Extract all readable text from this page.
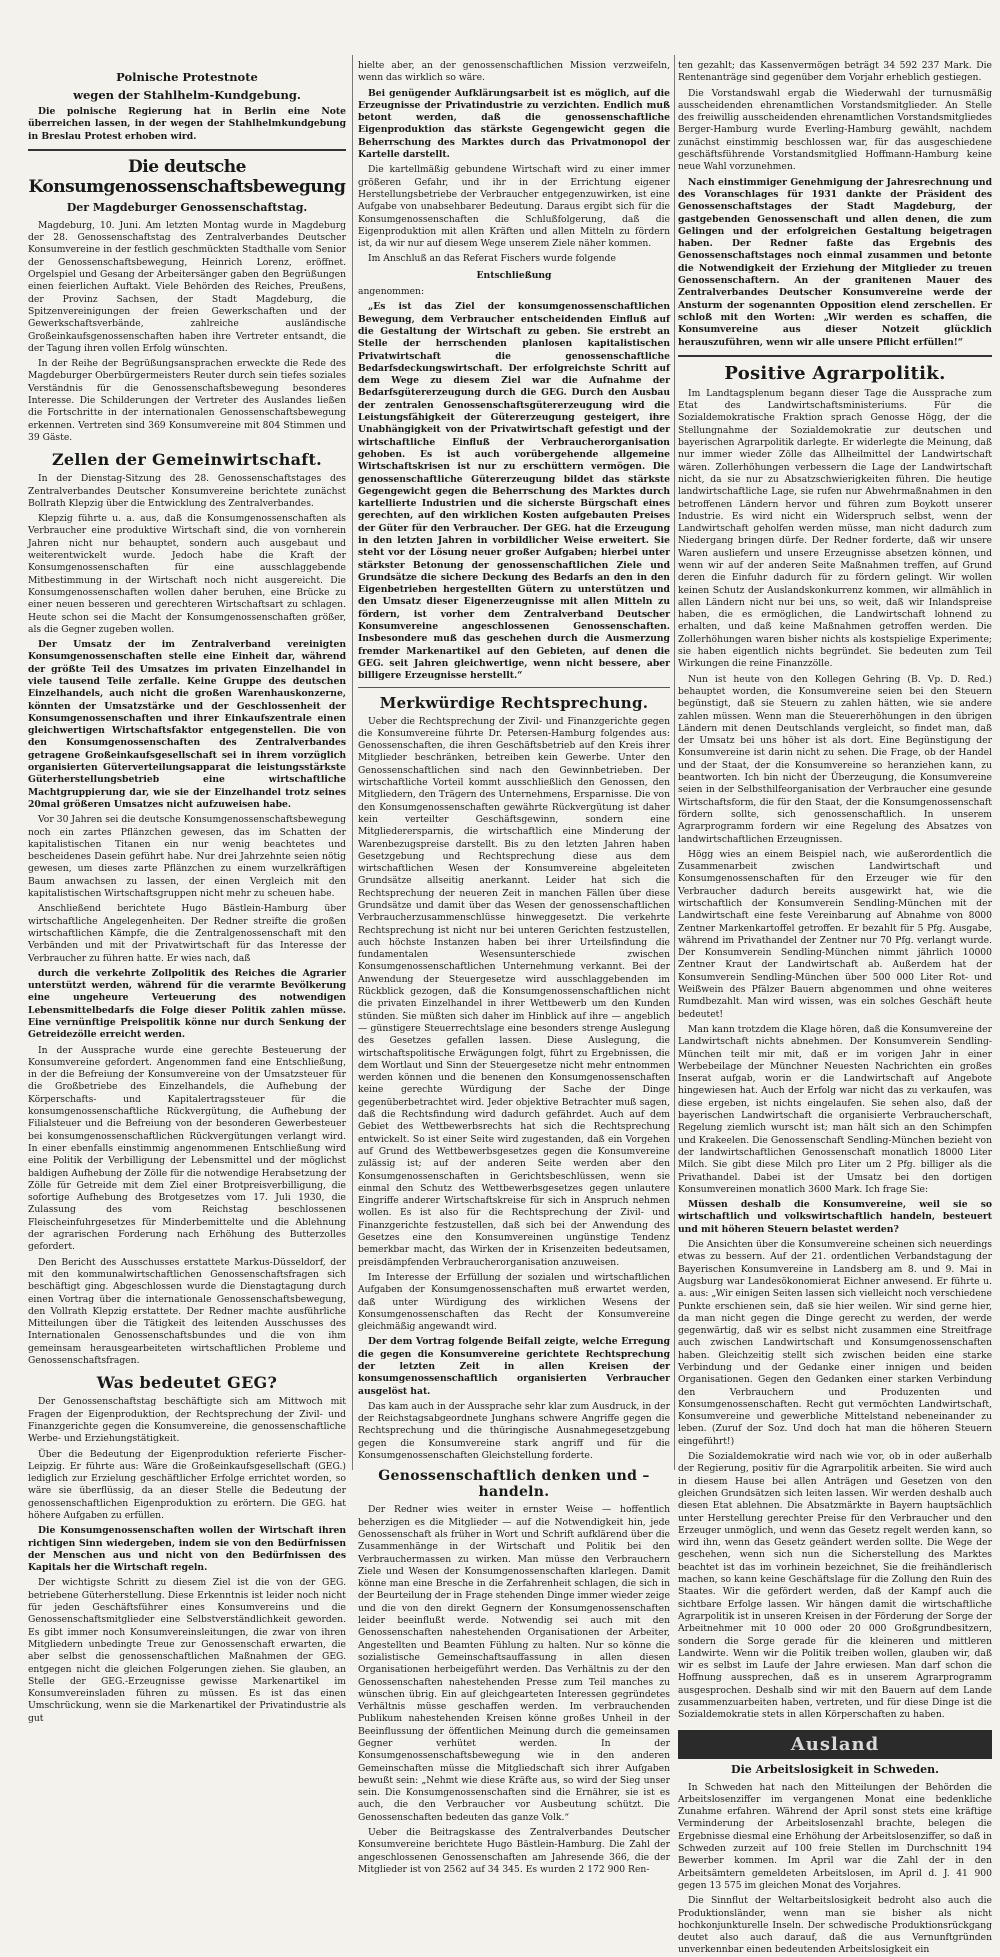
Polnische Protestnote
wegen der Stahlhelm-Kundgebung.

Die polnische Regierung hat in Berlin eine Note überreichen lassen, in der wegen der Stahlhelmkundgebung in Breslau Protest erhoben wird.

Die deutsche Konsumgenossenschaftsbewegung
Der Magdeburger Genossenschaftstag.

Magdeburg, 10. Juni. Am letzten Montag wurde in Magdeburg der 28. Genossenschaftstag des Zentralverbandes Deutscher Konsumvereine in der festlich geschmückten Stadthalle vom Senior der Genossenschaftsbewegung, Heinrich Lorenz, eröffnet. Orgelspiel und Gesang der Arbeitersänger gaben den Begrüßungen einen feierlichen Auftakt. Viele Behörden des Reiches, Preußens, der Provinz Sachsen, der Stadt Magdeburg, die Spitzenvereinigungen der freien Gewerkschaften und der Gewerkschaftsverbände, zahlreiche ausländische Großeinkaufsgenossenschaften haben ihre Vertreter entsandt, die der Tagung ihren vollen Erfolg wünschten.

In der Reihe der Begrüßungsansprachen erweckte die Rede des Magdeburger Oberbürgermeisters Reuter durch sein tiefes soziales Verständnis für die Genossenschaftsbewegung besonderes Interesse. Die Schilderungen der Vertreter des Auslandes ließen die Fortschritte in der internationalen Genossenschaftsbewegung erkennen. Vertreten sind 369 Konsumvereine mit 804 Stimmen und 39 Gäste.

Zellen der Gemeinwirtschaft.

In der Dienstag-Sitzung des 28. Genossenschaftstages des Zentralverbandes Deutscher Konsumvereine berichtete zunächst Bollrath Klepzig über die Entwicklung des Zentralverbandes.

Klepzig führte u. a. aus, daß die Konsumgenossenschaften als Verbraucher eine produktive Wirtschaft sind, die von vornherein Jahren nicht nur behauptet, sondern auch ausgebaut und weiterentwickelt wurde. Jedoch habe die Kraft der Konsumgenossenschaften für eine ausschlaggebende Mitbestimmung in der Wirtschaft noch nicht ausgereicht. Die Konsumgenossenschaften wollen daher beruhen, eine Brücke zu einer neuen besseren und gerechteren Wirtschaftsart zu schlagen. Heute schon sei die Macht der Konsumgenossenschaften größer, als die Gegner zugeben wollen.

Der Umsatz der im Zentralverband vereinigten Konsumgenossenschaften stelle eine Einheit dar, während der größte Teil des Umsatzes im privaten Einzelhandel in viele tausend Teile zerfalle. Keine Gruppe des deutschen Einzelhandels, auch nicht die großen Warenhauskonzerne, könnten der Umsatzstärke und der Geschlossenheit der Konsumgenossenschaften und ihrer Einkaufszentrale einen gleichwertigen Wirtschaftsfaktor entgegenstellen. Die von den Konsumgenossenschaften des Zentralverbandes getragene Großeinkaufsgesellschaft sei in ihrem vorzüglich organisierten Güterverteilungsapparat die leistungsstärkste Güterherstellungsbetrieb eine wirtschaftliche Machtgruppierung dar, wie sie der Einzelhandel trotz seines 20mal größeren Umsatzes nicht aufzuweisen habe.

Vor 30 Jahren sei die deutsche Konsumgenossenschaftsbewegung noch ein zartes Pflänzchen gewesen, das im Schatten der kapitalistischen Titanen ein nur wenig beachtetes und bescheidenes Dasein geführt habe. Nur drei Jahrzehnte seien nötig gewesen, um dieses zarte Pflänzchen zu einem wurzelkräftigen Baum anwachsen zu lassen, der einen Vergleich mit den kapitalistischen Wirtschaftsgruppen nicht mehr zu scheuen habe.

Anschließend berichtete Hugo Bästlein-Hamburg über wirtschaftliche Angelegenheiten. Der Redner streifte die großen wirtschaftlichen Kämpfe, die die Zentralgenossenschaft mit den Verbänden und mit der Privatwirtschaft für das Interesse der Verbraucher zu führen hatte. Er wies nach, daß

durch die verkehrte Zollpolitik des Reiches die Agrarier unterstützt werden, während für die verarmte Bevölkerung eine ungeheure Verteuerung des notwendigen Lebensmittelbedarfs die Folge dieser Politik zahlen müsse. Eine vernünftige Preispolitik könne nur durch Senkung der Getreidezölle erreicht werden.

In der Aussprache wurde eine gerechte Besteuerung der Konsumvereine gefordert. Angenommen fand eine Entschließung, in der die Befreiung der Konsumvereine von der Umsatzsteuer für die Großbetriebe des Einzelhandels, die Aufhebung der Körperschafts- und Kapitalertragssteuer für die konsumgenossenschaftliche Rückvergütung, die Aufhebung der Filialsteuer und die Befreiung von der besonderen Gewerbesteuer bei konsumgenossenschaftlichen Rückvergütungen verlangt wird. In einer ebenfalls einstimmig angenommenen Entschließung wird eine Politik der Verbilligung der Lebensmittel und der möglichst baldigen Aufhebung der Zölle für die notwendige Herabsetzung der Zölle für Getreide mit dem Ziel einer Brotpreisverbilligung, die sofortige Aufhebung des Brotgesetzes vom 17. Juli 1930, die Zulassung des vom Reichstag beschlossenen Fleischeinfuhrgesetzes für Minderbemittelte und die Ablehnung der agrarischen Forderung nach Erhöhung des Butterzolles gefordert.

Den Bericht des Ausschusses erstattete Markus-Düsseldorf, der mit den kommunalwirtschaftlichen Genossenschaftsfragen sich beschäftigt ging. Abgeschlossen wurde die Dienstagtagung durch einen Vortrag über die internationale Genossenschaftsbewegung, den Vollrath Klepzig erstattete. Der Redner machte ausführliche Mitteilungen über die Tätigkeit des leitenden Ausschusses des Internationalen Genossenschaftsbundes und die von ihm gemeinsam herausgearbeiteten wirtschaftlichen Probleme und Genossenschaftsfragen.

Was bedeutet GEG?

Der Genossenschaftstag beschäftigte sich am Mittwoch mit Fragen der Eigenproduktion, der Rechtsprechung der Zivil- und Finanzgerichte gegen die Konsumvereine, die genossenschaftliche Werbe- und Erziehungstätigkeit.

Über die Bedeutung der Eigenproduktion referierte Fischer-Leipzig. Er führte aus: Wäre die Großeinkaufsgesellschaft (GEG.) lediglich zur Erzielung geschäftlicher Erfolge errichtet worden, so wäre sie überflüssig, da an dieser Stelle die Bedeutung der genossenschaftlichen Eigenproduktion zu erörtern. Die GEG. hat höhere Aufgaben zu erfüllen.

Die Konsumgenossenschaften wollen der Wirtschaft ihren richtigen Sinn wiedergeben, indem sie von den Bedürfnissen der Menschen aus und nicht von den Bedürfnissen des Kapitals her die Wirtschaft regeln.

Der wichtigste Schritt zu diesem Ziel ist die von der GEG. betriebene Güterherstellung. Diese Erkenntnis ist leider noch nicht für jeden Geschäftsführer eines Konsumvereins und die Genossenschaftsmitglieder eine Selbstverständlichkeit geworden. Es gibt immer noch Konsumvereinsleitungen, die zwar von ihren Mitgliedern unbedingte Treue zur Genossenschaft erwarten, die aber selbst die genossenschaftlichen Maßnahmen der GEG. entgegen nicht die gleichen Folgerungen ziehen. Sie glauben, an Stelle der GEG.-Erzeugnisse gewisse Markenartikel im Konsumvereinsladen führen zu müssen. Es ist das einen Umschrückung, wenn sie die Markenartikel der Privatindustrie als gut

hielte aber, an der genossenschaftlichen Mission verzweifeln, wenn das wirklich so wäre.

Bei genügender Aufklärungsarbeit ist es möglich, auf die Erzeugnisse der Privatindustrie zu verzichten. Endlich muß betont werden, daß die genossenschaftliche Eigenproduktion das stärkste Gegengewicht gegen die Beherrschung des Marktes durch das Privatmonopol der Kartelle darstellt.

Die kartellmäßig gebundene Wirtschaft wird zu einer immer größeren Gefahr, und ihr in der Errichtung eigener Herstellungsbetriebe der Verbraucher entgegenzuwirken, ist eine Aufgabe von unabsehbarer Bedeutung. Daraus ergibt sich für die Konsumgenossenschaften die Schlußfolgerung, daß die Eigenproduktion mit allen Kräften und allen Mitteln zu fördern ist, da wir nur auf diesem Wege unserem Ziele näher kommen.

Im Anschluß an das Referat Fischers wurde folgende

Entschließung

angenommen:

„Es ist das Ziel der konsumgenossenschaftlichen Bewegung, dem Verbraucher entscheidenden Einfluß auf die Gestaltung der Wirtschaft zu geben. Sie erstrebt an Stelle der herrschenden planlosen kapitalistischen Privatwirtschaft die genossenschaftliche Bedarfsdeckungswirtschaft. Der erfolgreichste Schritt auf dem Wege zu diesem Ziel war die Aufnahme der Bedarfsgütererzeugung durch die GEG. Durch den Ausbau der zentralen Genossenschaftsgütererzeugung wird die Leistungsfähigkeit der Gütererzeugung gesteigert, ihre Unabhängigkeit von der Privatwirtschaft gefestigt und der wirtschaftliche Einfluß der Verbraucherorganisation gehoben. Es ist auch vorübergehende allgemeine Wirtschaftskrisen ist nur zu erschüttern vermögen. Die genossenschaftliche Gütererzeugung bildet das stärkste Gegengewicht gegen die Beherrschung des Marktes durch kartellierte Industrien und die sicherste Bürgschaft eines gerechten, auf den wirklichen Kosten aufgebauten Preises der Güter für den Verbraucher. Der GEG. hat die Erzeugung in den letzten Jahren in vorbildlicher Weise erweitert. Sie steht vor der Lösung neuer großer Aufgaben; hierbei unter stärkster Betonung der genossenschaftlichen Ziele und Grundsätze die sichere Deckung des Bedarfs an den in den Eigenbetrieben hergestellten Gütern zu unterstützen und den Umsatz dieser Eigenerzeugnisse mit allen Mitteln zu fördern, ist vorher dem Zentralverband Deutscher Konsumvereine angeschlossenen Genossenschaften. Insbesondere muß das geschehen durch die Ausmerzung fremder Markenartikel auf den Gebieten, auf denen die GEG. seit Jahren gleichwertige, wenn nicht bessere, aber billigere Erzeugnisse herstellt.“

Merkwürdige Rechtsprechung.

Ueber die Rechtsprechung der Zivil- und Finanzgerichte gegen die Konsumvereine führte Dr. Petersen-Hamburg folgendes aus: Genossenschaften, die ihren Geschäftsbetrieb auf den Kreis ihrer Mitglieder beschränken, betreiben kein Gewerbe. Unter den Genossenschaftlichen sind nach den Gewinnbetrieben. Der wirtschaftliche Vorteil kommt ausschließlich den Genossen, den Mitgliedern, den Trägern des Unternehmens, Ersparnisse. Die von den Konsumgenossenschaften gewährte Rückvergütung ist daher kein verteilter Geschäftsgewinn, sondern eine Mitgliederersparnis, die wirtschaftlich eine Minderung der Warenbezugspreise darstellt. Bis zu den letzten Jahren haben Gesetzgebung und Rechtsprechung diese aus dem wirtschaftlichen Wesen der Konsumvereine abgeleiteten Grundsätze allseitig anerkannt. Leider hat sich die Rechtsprechung der neueren Zeit in manchen Fällen über diese Grundsätze und damit über das Wesen der genossenschaftlichen Verbraucherzusammenschlüsse hinweggesetzt. Die verkehrte Rechtsprechung ist nicht nur bei unteren Gerichten festzustellen, auch höchste Instanzen haben bei ihrer Urteilsfindung die fundamentalen Wesensunterschiede zwischen Konsumgenossenschaftlichen Unternehmung verkannt. Bei der Anwendung der Steuergesetze wird ausschlaggebenden im Rückblick gezogen, daß die Konsumgenossenschaftlichen nicht die privaten Einzelhandel in ihrer Wettbewerb um den Kunden stünden. Sie müßten sich daher im Hinblick auf ihre — angeblich — günstigere Steuerrechtslage eine besonders strenge Auslegung des Gesetzes gefallen lassen. Diese Auslegung, die wirtschaftspolitische Erwägungen folgt, führt zu Ergebnissen, die dem Wortlaut und Sinn der Steuergesetze nicht mehr entnommen werden können und die benenen den Konsumgenossenschaften keine gerechte Würdigung der Sache der Dinge gegenüberbetrachtet wird. Jeder objektive Betrachter muß sagen, daß die Rechtsfindung wird dadurch gefährdet. Auch auf dem Gebiet des Wettbewerbsrechts hat sich die Rechtsprechung entwickelt. So ist einer Seite wird zugestanden, daß ein Vorgehen auf Grund des Wettbewerbsgesetzes gegen die Konsumvereine zulässig ist; auf der anderen Seite werden aber den Konsumgenossenschaften in Gerichtsbeschlüssen, wenn sie einmal den Schutz des Wettbewerbsgesetzes gegen unlautere Eingriffe anderer Wirtschaftskreise für sich in Anspruch nehmen wollen. Es ist also für die Rechtsprechung der Zivil- und Finanzgerichte festzustellen, daß sich bei der Anwendung des Gesetzes eine den Konsumvereinen ungünstige Tendenz bemerkbar macht, das Wirken der in Krisenzeiten bedeutsamen, preisdämpfenden Verbraucherorganisation anzuweisen.

Im Interesse der Erfüllung der sozialen und wirtschaftlichen Aufgaben der Konsumgenossenschaften muß erwartet werden, daß unter Würdigung des wirklichen Wesens der Konsumgenossenschaften das Recht der Konsumvereine gleichmäßig angewandt wird.

Der dem Vortrag folgende Beifall zeigte, welche Erregung die gegen die Konsumvereine gerichtete Rechtsprechung der letzten Zeit in allen Kreisen der konsumgenossenschaftlich organisierten Verbraucher ausgelöst hat.

Das kam auch in der Aussprache sehr klar zum Ausdruck, in der der Reichstagsabgeordnete Junghans schwere Angriffe gegen die Rechtsprechung und die thüringische Ausnahmegesetzgebung gegen die Konsumvereine stark angriff und für die Konsumgenossenschaften Gleichstellung forderte.

Genossenschaftlich denken und – handeln.

Der Redner wies weiter in ernster Weise — hoffentlich beherzigen es die Mitglieder — auf die Notwendigkeit hin, jede Genossenschaft als früher in Wort und Schrift aufklärend über die Zusammenhänge in der Wirtschaft und Politik bei den Verbrauchermassen zu wirken. Man müsse den Verbrauchern Ziele und Wesen der Konsumgenossenschaften klarlegen. Damit könne man eine Bresche in die Zerfahrenheit schlagen, die sich in der Beurteilung der in Frage stehenden Dinge immer wieder zeige und die von den direkt Gegnern der Konsumgenossenschaften leider beeinflußt werde. Notwendig sei auch mit den Genossenschaften nahestehenden Organisationen der Arbeiter, Angestellten und Beamten Fühlung zu halten. Nur so könne die sozialistische Gemeinschaftsauffassung in allen diesen Organisationen herbeigeführt werden. Das Verhältnis zu der den Genossenschaften nahestehenden Presse zum Teil manches zu wünschen übrig. Ein auf gleichgearteten Interessen gegründetes Verhältnis müsse geschaffen werden. Im verbrauchenden Publikum nahestehenden Kreisen könne großes Unheil in der Beeinflussung der öffentlichen Meinung durch die gemeinsamen Gegner verhütet werden. In der Konsumgenossenschaftsbewegung wie in den anderen Gemeinschaften müsse die Mitgliedschaft sich ihrer Aufgaben bewußt sein: „Nehmt wie diese Kräfte aus, so wird der Sieg unser sein. Die Konsumgenossenschaften sind die Ernährer, sie ist es auch, die den Verbraucher vor Ausbeutung schützt. Die Genossenschaften bedeuten das ganze Volk.“

Ueber die Beitragskasse des Zentralverbandes Deutscher Konsumvereine berichtete Hugo Bästlein-Hamburg. Die Zahl der angeschlossenen Genossenschaften am Jahresende 366, die der Mitglieder ist von 2562 auf 34 345. Es wurden 2 172 900 Ren-

ten gezahlt; das Kassenvermögen beträgt 34 592 237 Mark. Die Rentenanträge sind gegenüber dem Vorjahr erheblich gestiegen.

Die Vorstandswahl ergab die Wiederwahl der turnusmäßig ausscheidenden ehrenamtlichen Vorstandsmitglieder. An Stelle des freiwillig ausscheidenden ehrenamtlichen Vorstandsmitgliedes Berger-Hamburg wurde Everling-Hamburg gewählt, nachdem zunächst einstimmig beschlossen war, für das ausgeschiedene geschäftsführende Vorstandsmitglied Hoffmann-Hamburg keine neue Wahl vorzunehmen.

Nach einstimmiger Genehmigung der Jahresrechnung und des Voranschlages für 1931 dankte der Präsident des Genossenschaftstages der Stadt Magdeburg, der gastgebenden Genossenschaft und allen denen, die zum Gelingen und der erfolgreichen Gestaltung beigetragen haben. Der Redner faßte das Ergebnis des Genossenschaftstages noch einmal zusammen und betonte die Notwendigkeit der Erziehung der Mitglieder zu treuen Genossenschaftern. An der granitenen Mauer des Zentralverbandes Deutscher Konsumvereine werde der Ansturm der sogenannten Opposition elend zerschellen. Er schloß mit den Worten: „Wir werden es schaffen, die Konsumvereine aus dieser Notzeit glücklich herauszuführen, wenn wir alle unsere Pflicht erfüllen!“

Positive Agrarpolitik.

Im Landtagsplenum begann dieser Tage die Aussprache zum Etat des Landwirtschaftsministeriums. Für die Sozialdemokratische Fraktion sprach Genosse Högg, der die Stellungnahme der Sozialdemokratie zur deutschen und bayerischen Agrarpolitik darlegte. Er widerlegte die Meinung, daß nur immer wieder Zölle das Allheilmittel der Landwirtschaft wären. Zollerhöhungen verbessern die Lage der Landwirtschaft nicht, da sie nur zu Absatzschwierigkeiten führen. Die heutige landwirtschaftliche Lage, sie rufen nur Abwehrmaßnahmen in den betroffenen Ländern hervor und führen zum Boykott unserer Industrie. Es wird nicht ein Widerspruch selbst, wenn der Landwirtschaft geholfen werden müsse, man nicht dadurch zum Niedergang bringen dürfe. Der Redner forderte, daß wir unsere Waren ausliefern und unsere Erzeugnisse absetzen können, und wenn wir auf der anderen Seite Maßnahmen treffen, auf Grund deren die Einfuhr dadurch für zu fördern gelingt. Wir wollen keinen Schutz der Auslandskonkurrenz kommen, wir allmählich in allen Ländern nicht nur bei uns, so weit, daß wir Inlandspreise haben, die es ermöglichen, die Landwirtschaft lohnend zu erhalten, und daß keine Maßnahmen getroffen werden. Die Zollerhöhungen waren bisher nichts als kostspielige Experimente; sie haben eigentlich nichts begründet. Sie bedeuten zum Teil Wirkungen die reine Finanzzölle.

Nun ist heute von den Kollegen Gehring (B. Vp. D. Red.) behauptet worden, die Konsumvereine seien bei den Steuern begünstigt, daß sie Steuern zu zahlen hätten, wie sie andere zahlen müssen. Wenn man die Steuererhöhungen in den übrigen Ländern mit denen Deutschlands vergleicht, so findet man, daß der Umsatz bei uns höher ist als dort. Eine Begünstigung der Konsumvereine ist darin nicht zu sehen. Die Frage, ob der Handel und der Staat, der die Konsumvereine so heranziehen kann, zu beantworten. Ich bin nicht der Überzeugung, die Konsumvereine seien in der Selbsthilfeorganisation der Verbraucher eine gesunde Wirtschaftsform, die für den Staat, der die Konsumgenossenschaft fördern sollte, sich genossenschaftlich. In unserem Agrarprogramm fordern wir eine Regelung des Absatzes von landwirtschaftlichen Erzeugnissen.

Högg wies an einem Beispiel nach, wie außerordentlich die Zusammenarbeit zwischen Landwirtschaft und Konsumgenossenschaften für den Erzeuger wie für den Verbraucher dadurch bereits ausgewirkt hat, wie die wirtschaftlich der Konsumverein Sendling-München mit der Landwirtschaft eine feste Vereinbarung auf Abnahme von 8000 Zentner Markenkartoffel getroffen. Er bezahlt für 5 Pfg. Ausgabe, während im Privathandel der Zentner nur 70 Pfg. verlangt wurde. Der Konsumverein Sendling-München nimmt jährlich 10000 Zentner Kraut der Landwirtschaft ab. Außerdem hat der Konsumverein Sendling-München über 500 000 Liter Rot- und Weißwein des Pfälzer Bauern abgenommen und ohne weiteres Rumdbezahlt. Man wird wissen, was ein solches Geschäft heute bedeutet!

Man kann trotzdem die Klage hören, daß die Konsumvereine der Landwirtschaft nichts abnehmen. Der Konsumverein Sendling-München teilt mir mit, daß er im vorigen Jahr in einer Werbebeilage der Münchner Neuesten Nachrichten ein großes Inserat aufgab, worin er die Landwirtschaft auf Angebote hingewiesen hat. Auch der Erfolg war nicht das zu verkaufen, was diese ergeben, ist nichts eingelaufen. Sie sehen also, daß der bayerischen Landwirtschaft die organisierte Verbraucherschaft, Regelung ziemlich wurscht ist; man hält sich an den Schimpfen und Krakeelen. Die Genossenschaft Sendling-München bezieht von der landwirtschaftlichen Genossenschaft monatlich 18000 Liter Milch. Sie gibt diese Milch pro Liter um 2 Pfg. billiger als die Privathandel. Dabei ist der Umsatz bei den dortigen Konsumvereinen monatlich 3600 Mark. Ich frage Sie:

Müssen deshalb die Konsumvereine, weil sie so wirtschaftlich und volkswirtschaftlich handeln, besteuert und mit höheren Steuern belastet werden?

Die Ansichten über die Konsumvereine scheinen sich neuerdings etwas zu bessern. Auf der 21. ordentlichen Verbandstagung der Bayerischen Konsumvereine in Landsberg am 8. und 9. Mai in Augsburg war Landesökonomierat Eichner anwesend. Er führte u. a. aus: „Wir einigen Seiten lassen sich vielleicht noch verschiedene Punkte erschienen sein, daß sie hier weilen. Wir sind gerne hier, da man nicht gegen die Dinge gerecht zu werden, der werde gegenwärtig, daß wir es selbst nicht zusammen eine Streitfrage auch zwischen Landwirtschaft und Konsumgenossenschaften haben. Gleichzeitig stellt sich zwischen beiden eine starke Verbindung und der Gedanke einer innigen und beiden Organisationen. Gegen den Gedanken einer starken Verbindung den Verbrauchern und Produzenten und Konsumgenossenschaften. Recht gut vermöchten Landwirtschaft, Konsumvereine und gewerbliche Mittelstand nebeneinander zu leben. (Zuruf der Soz. Und doch hat man die höheren Steuern eingeführt!)

Die Sozialdemokratie wird nach wie vor, ob in oder außerhalb der Regierung, positiv für die Agrarpolitik arbeiten. Sie wird auch in diesem Hause bei allen Anträgen und Gesetzen von den gleichen Grundsätzen sich leiten lassen. Wir werden deshalb auch diesen Etat ablehnen. Die Absatzmärkte in Bayern hauptsächlich unter Herstellung gerechter Preise für den Verbraucher und den Erzeuger unmöglich, und wenn das Gesetz regelt werden kann, so wird ihn, wenn das Gesetz geändert werden sollte. Die Wege der geschehen, wenn sich nun die Sicherstellung des Marktes beachtet ist das im vorhinein bezeichnet, Sie die freihändlerisch machen, so kann keine Geschäftslage für die Zollung den Ruin des Staates. Wir die gefördert werden, daß der Kampf auch die sichtbare Erfolge lassen. Wir hängen damit die wirtschaftliche Agrarpolitik ist in unseren Kreisen in der Förderung der Sorge der Arbeitnehmer mit 10 000 oder 20 000 Großgrundbesitzern, sondern die Sorge gerade für die kleineren und mittleren Landwirte. Wenn wir die Politik treiben wollen, glauben wir, daß wir es selbst im Laufe der Jahre erwiesen. Man darf schon die Hoffnung aussprechen, daß es in unserem Agrarprogramm ausgesprochen. Deshalb sind wir mit den Bauern auf dem Lande zusammenzuarbeiten haben, vertreten, und für diese Dinge ist die Sozialdemokratie stets in allen Körperschaften zu haben.

Ausland
Die Arbeitslosigkeit in Schweden.

In Schweden hat nach den Mitteilungen der Behörden die Arbeitslosenziffer im vergangenen Monat eine bedenkliche Zunahme erfahren. Während der April sonst stets eine kräftige Verminderung der Arbeitslosenzahl brachte, belegen die Ergebnisse diesmal eine Erhöhung der Arbeitslosenziffer, so daß in Schweden zurzeit auf 100 freie Stellen im Durchschnitt 194 Bewerber kommen. Im April war die Zahl der in den Arbeitsämtern gemeldeten Arbeitslosen, im April d. J. 41 900 gegen 13 575 im gleichen Monat des Vorjahres.

Die Sinnflut der Weltarbeitslosigkeit bedroht also auch die Produktionsländer, wenn man sie bisher als nicht hochkonjunkturelle Inseln. Der schwedische Produktionsrückgang deutet also auch darauf, daß die aus Vernunftgründen unverkennbar einen bedeutenden Arbeitslosigkeit ein
